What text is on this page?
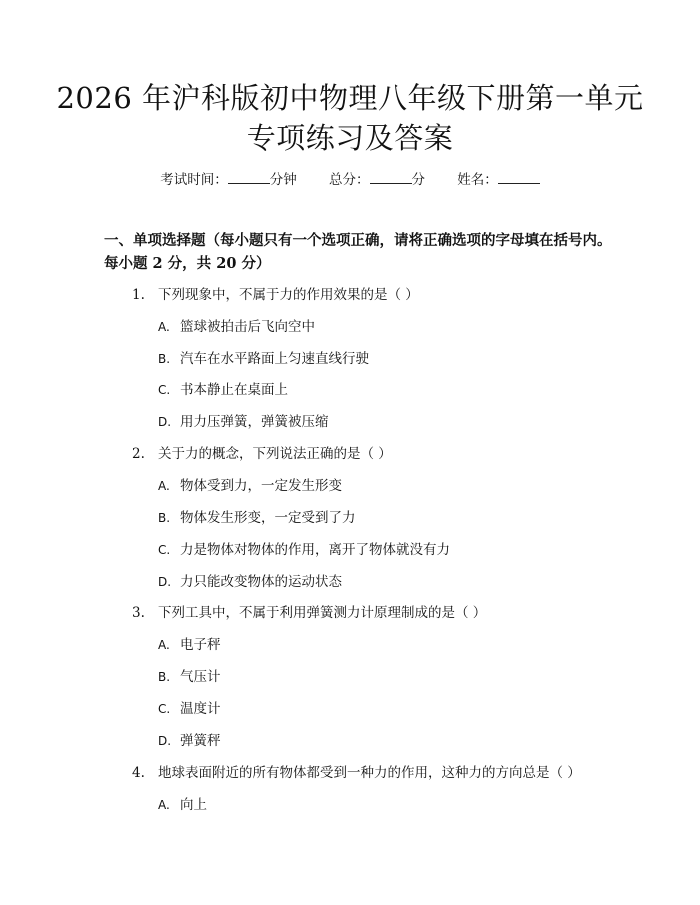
2026 年沪科版初中物理八年级下册第一单元
专项练习及答案
考试时间：	分钟 总分：	分 姓名：
一、单项选择题（每小题只有一个选项正确，请将正确选项的字母填在括号内。每小题 2 分，共 20 分）
1. 下列现象中，不属于力的作用效果的是（ ）
A. 篮球被拍击后飞向空中
B. 汽车在水平路面上匀速直线行驶
C. 书本静止在桌面上
D. 用力压弹簧，弹簧被压缩
2. 关于力的概念，下列说法正确的是（ ）
A. 物体受到力，一定发生形变
B. 物体发生形变，一定受到了力
C. 力是物体对物体的作用，离开了物体就没有力
D. 力只能改变物体的运动状态
3. 下列工具中，不属于利用弹簧测力计原理制成的是（ ）
A. 电子秤
B. 气压计
C. 温度计
D. 弹簧秤
4. 地球表面附近的所有物体都受到一种力的作用，这种力的方向总是（ ）
A. 向上
